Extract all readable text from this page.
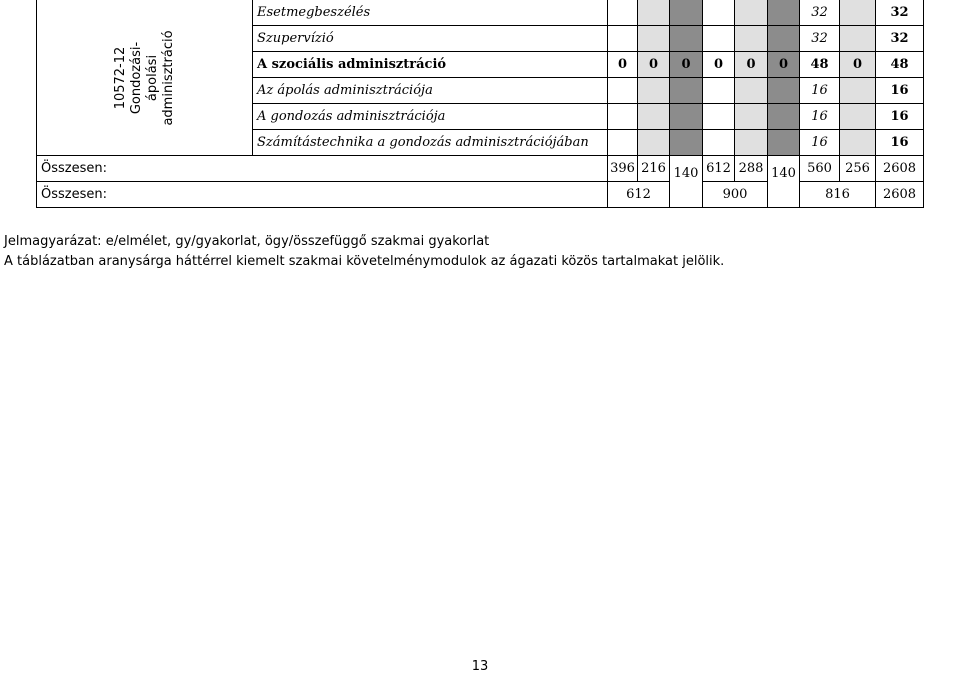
10572-12 Gondozási- ápolási adminisztráció	Esetmegbeszélés							32		32
	Szupervízió							32		32
	A szociális adminisztráció	0	0	0	0	0	0	48	0	48
	Az ápolás adminisztrációja							16		16
	A gondozás adminisztrációja							16		16
	Számítástechnika a gondozás adminisztrációjában							16		16
Összesen:		396	216	140	612	288	140	560	256	2608
Összesen:		612			900			816		2608
Jelmagyarázat: e/elmélet, gy/gyakorlat, ögy/összefüggő szakmai gyakorlat
A táblázatban aranysárga háttérrel kiemelt szakmai követelménymodulok az ágazati közös tartalmakat jelölik.
13
